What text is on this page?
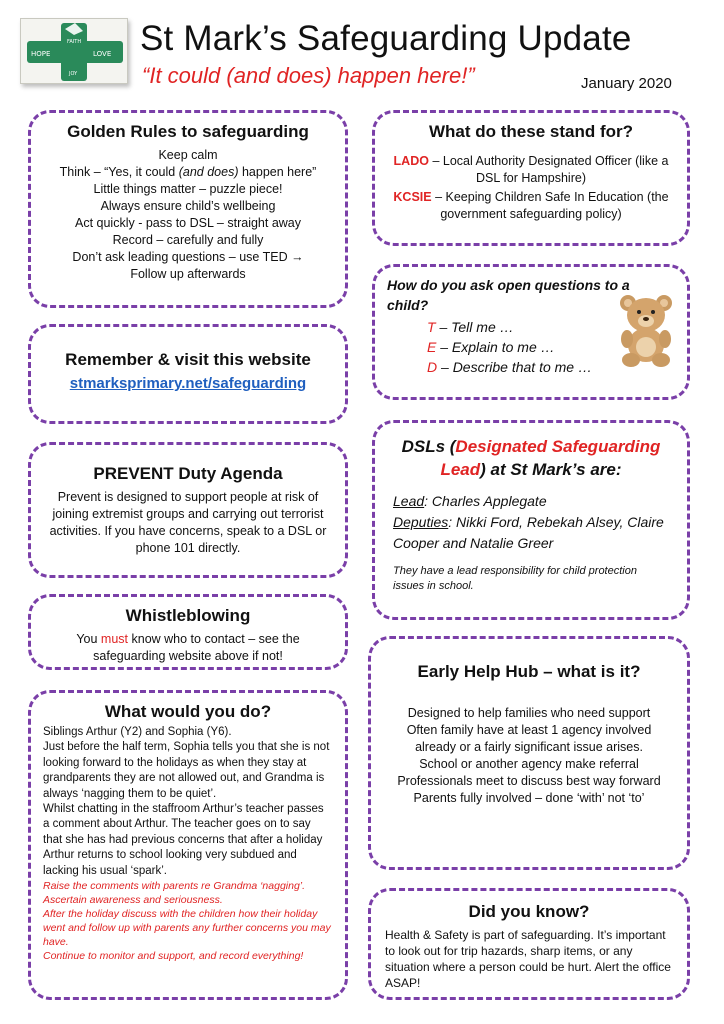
HOPE	LOVE
FAITH
JOY
St Mark’s Safeguarding Update
“It could (and does) happen here!”	January 2020
Golden Rules to safeguarding
Keep calm
Think – “Yes, it could (and does) happen here”
Little things matter – puzzle piece!
Always ensure child’s wellbeing
Act quickly - pass to DSL – straight away
Record – carefully and fully
Don’t ask leading questions – use TED →
Follow up afterwards
What do these stand for?
LADO – Local Authority Designated Officer (like a DSL for Hampshire)
KCSIE – Keeping Children Safe In Education (the government safeguarding policy)
How do you ask open questions to a child?
T – Tell me …
E – Explain to me …
D – Describe that to me …
Remember & visit this website
stmarksprimary.net/safeguarding
DSLs (Designated Safeguarding Lead) at St Mark’s are:
Lead: Charles Applegate
Deputies: Nikki Ford, Rebekah Alsey, Claire Cooper and Natalie Greer
They have a lead responsibility for child protection issues in school.
PREVENT Duty Agenda
Prevent is designed to support people at risk of joining extremist groups and carrying out terrorist activities. If you have concerns, speak to a DSL or phone 101 directly.
Whistleblowing
You must know who to contact – see the safeguarding website above if not!
Early Help Hub – what is it?
Designed to help families who need support
Often family have at least 1 agency involved already or a fairly significant issue arises.
School or another agency make referral
Professionals meet to discuss best way forward
Parents fully involved – done ‘with’ not ‘to’
What would you do?
Siblings Arthur (Y2) and Sophia (Y6).
Just before the half term, Sophia tells you that she is not looking forward to the holidays as when they stay at grandparents they are not allowed out, and Grandma is always ‘nagging them to be quiet’.
Whilst chatting in the staffroom Arthur’s teacher passes a comment about Arthur. The teacher goes on to say that she has had previous concerns that after a holiday Arthur returns to school looking very subdued and lacking his usual ‘spark’.
Raise the comments with parents re Grandma ‘nagging’. Ascertain awareness and seriousness.
After the holiday discuss with the children how their holiday went and follow up with parents any further concerns you may have.
Continue to monitor and support, and record everything!
Did you know?
Health & Safety is part of safeguarding. It’s important to look out for trip hazards, sharp items, or any situation where a person could be hurt. Alert the office ASAP!
